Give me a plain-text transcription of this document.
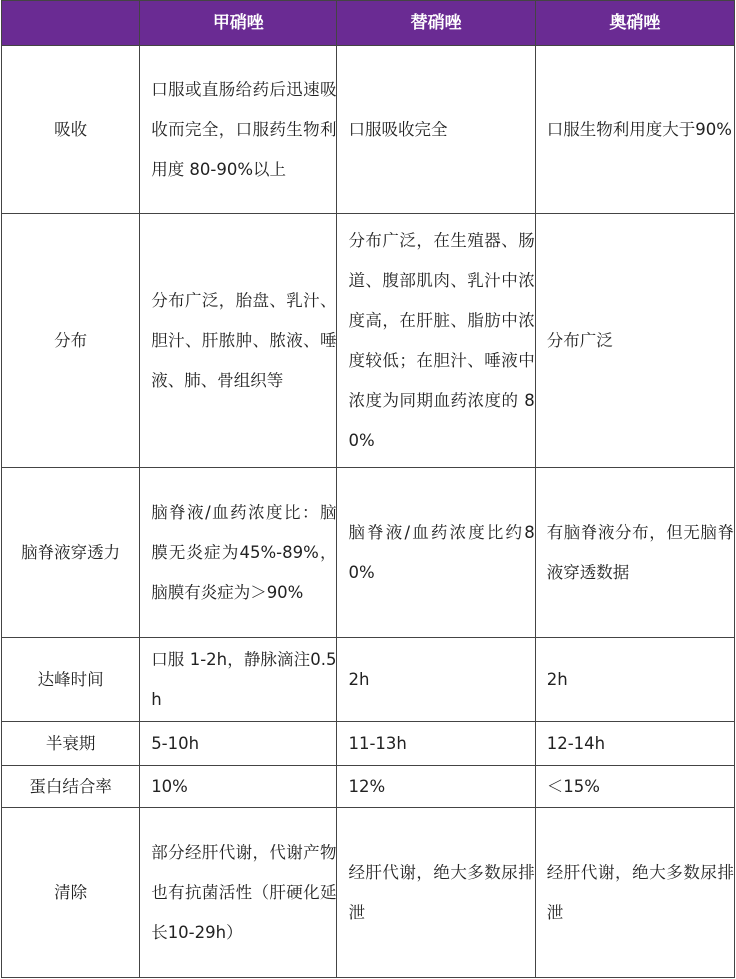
	甲硝唑	替硝唑	奥硝唑
吸收	口服或直肠给药后迅速吸收而完全，口服药生物利用度 80-90%以上	口服吸收完全	口服生物利用度大于90%
分布	分布广泛，胎盘、乳汁、胆汁、肝脓肿、脓液、唾液、肺、骨组织等	分布广泛，在生殖器、肠道、腹部肌肉、乳汁中浓度高，在肝脏、脂肪中浓度较低；在胆汁、唾液中浓度为同期血药浓度的 80%	分布广泛
脑脊液穿透力	脑脊液/血药浓度比：脑膜无炎症为45%-89%，脑膜有炎症为＞90%	脑脊液/血药浓度比约80%	有脑脊液分布，但无脑脊液穿透数据
达峰时间	口服 1-2h，静脉滴注0.5h	2h	2h
半衰期	5-10h	11-13h	12-14h
蛋白结合率	10%	12%	＜15%
清除	部分经肝代谢，代谢产物也有抗菌活性（肝硬化延长10-29h）	经肝代谢，绝大多数尿排泄	经肝代谢，绝大多数尿排泄
